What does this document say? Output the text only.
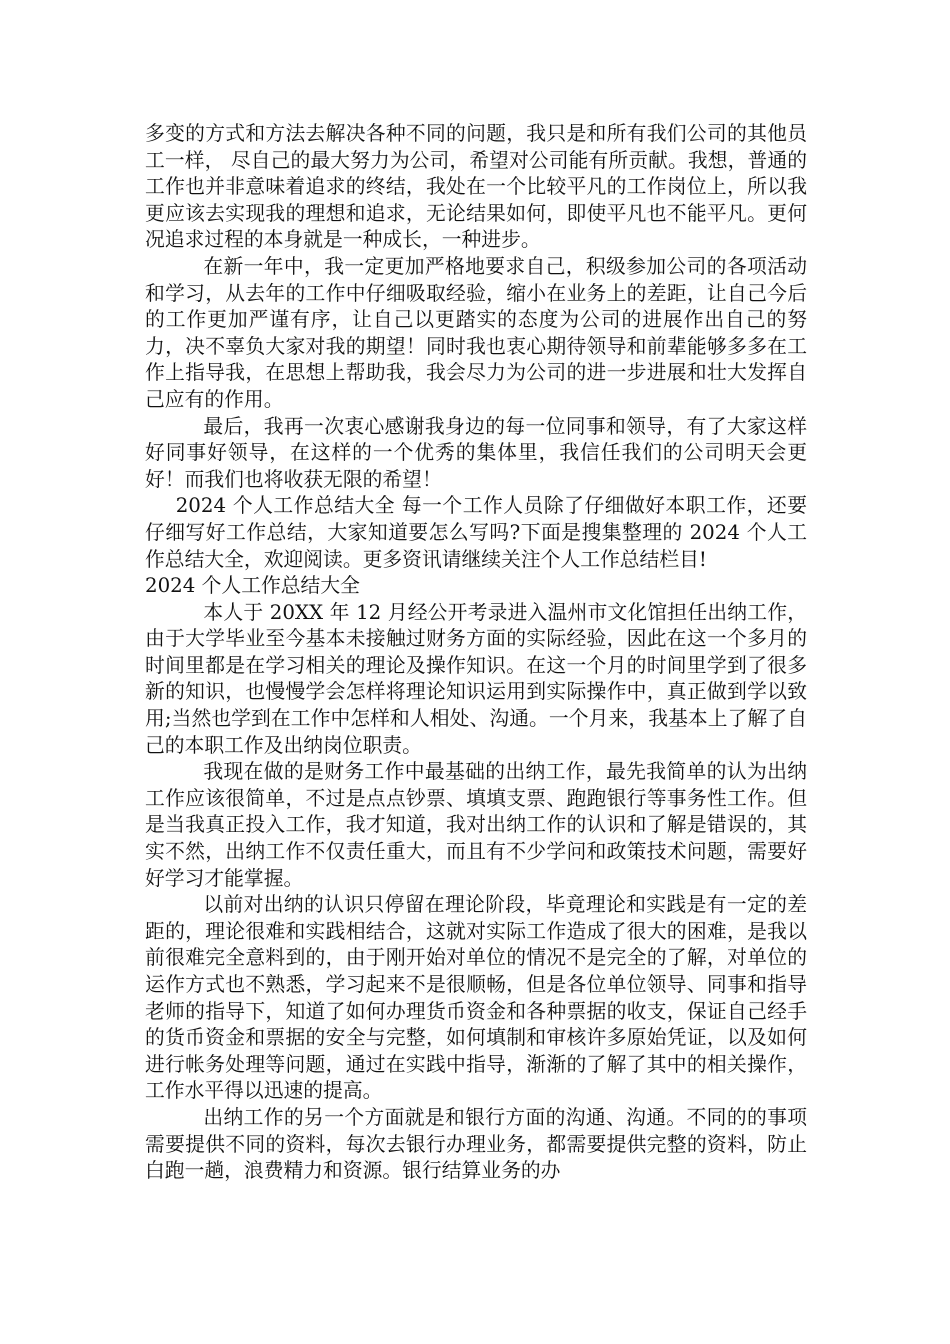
多变的方式和方法去解决各种不同的问题，我只是和所有我们公司的其他员工一样， 尽自己的最大努力为公司，希望对公司能有所贡献。我想，普通的工作也并非意味着追求的终结，我处在一个比较平凡的工作岗位上，所以我更应该去实现我的理想和追求，无论结果如何，即使平凡也不能平凡。更何况追求过程的本身就是一种成长，一种进步。

在新一年中，我一定更加严格地要求自己，积级参加公司的各项活动和学习，从去年的工作中仔细吸取经验，缩小在业务上的差距，让自己今后的工作更加严谨有序，让自己以更踏实的态度为公司的进展作出自己的努力，决不辜负大家对我的期望！同时我也衷心期待领导和前辈能够多多在工作上指导我，在思想上帮助我，我会尽力为公司的进一步进展和壮大发挥自己应有的作用。

最后，我再一次衷心感谢我身边的每一位同事和领导，有了大家这样好同事好领导，在这样的一个优秀的集体里，我信任我们的公司明天会更好！而我们也将收获无限的希望！

2024 个人工作总结大全 每一个工作人员除了仔细做好本职工作，还要仔细写好工作总结，大家知道要怎么写吗?下面是搜集整理的 2024 个人工作总结大全，欢迎阅读。更多资讯请继续关注个人工作总结栏目!

2024 个人工作总结大全

本人于 20XX 年 12 月经公开考录进入温州市文化馆担任出纳工作，由于大学毕业至今基本未接触过财务方面的实际经验，因此在这一个多月的时间里都是在学习相关的理论及操作知识。在这一个月的时间里学到了很多新的知识，也慢慢学会怎样将理论知识运用到实际操作中，真正做到学以致用;当然也学到在工作中怎样和人相处、沟通。一个月来，我基本上了解了自己的本职工作及出纳岗位职责。

我现在做的是财务工作中最基础的出纳工作，最先我简单的认为出纳工作应该很简单，不过是点点钞票、填填支票、跑跑银行等事务性工作。但是当我真正投入工作，我才知道，我对出纳工作的认识和了解是错误的，其实不然，出纳工作不仅责任重大，而且有不少学问和政策技术问题，需要好好学习才能掌握。

以前对出纳的认识只停留在理论阶段，毕竟理论和实践是有一定的差距的，理论很难和实践相结合，这就对实际工作造成了很大的困难，是我以前很难完全意料到的，由于刚开始对单位的情况不是完全的了解，对单位的运作方式也不熟悉，学习起来不是很顺畅，但是各位单位领导、同事和指导老师的指导下，知道了如何办理货币资金和各种票据的收支，保证自己经手的货币资金和票据的安全与完整，如何填制和审核许多原始凭证，以及如何进行帐务处理等问题，通过在实践中指导，渐渐的了解了其中的相关操作，工作水平得以迅速的提高。

出纳工作的另一个方面就是和银行方面的沟通、沟通。不同的的事项需要提供不同的资料，每次去银行办理业务，都需要提供完整的资料，防止白跑一趟，浪费精力和资源。银行结算业务的办
